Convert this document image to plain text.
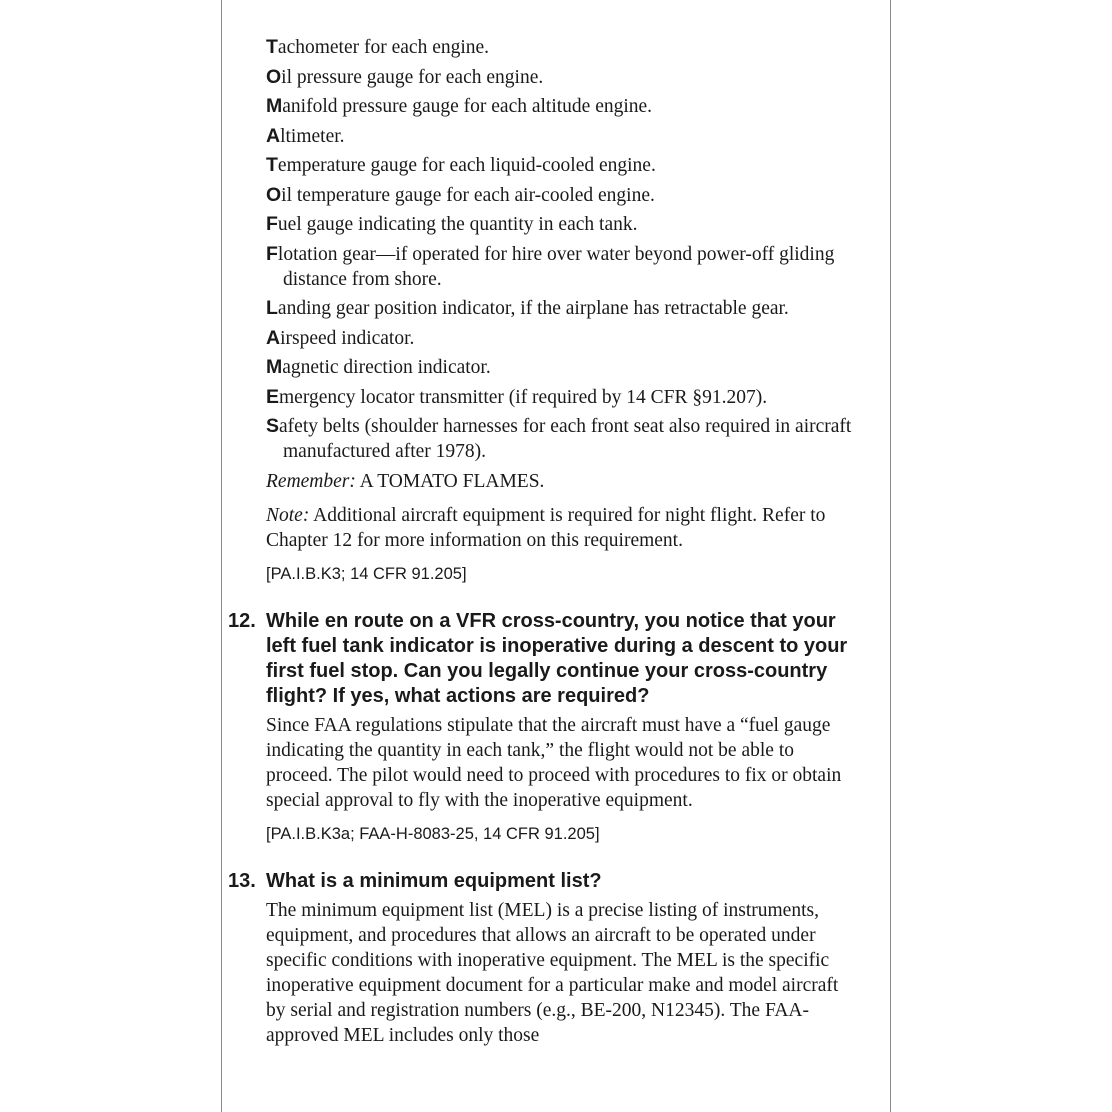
Tachometer for each engine.
Oil pressure gauge for each engine.
Manifold pressure gauge for each altitude engine.
Altimeter.
Temperature gauge for each liquid-cooled engine.
Oil temperature gauge for each air-cooled engine.
Fuel gauge indicating the quantity in each tank.
Flotation gear—if operated for hire over water beyond power-off gliding distance from shore.
Landing gear position indicator, if the airplane has retractable gear.
Airspeed indicator.
Magnetic direction indicator.
Emergency locator transmitter (if required by 14 CFR §91.207).
Safety belts (shoulder harnesses for each front seat also required in aircraft manufactured after 1978).

Remember: A TOMATO FLAMES.

Note: Additional aircraft equipment is required for night flight. Refer to Chapter 12 for more information on this requirement.

[PA.I.B.K3; 14 CFR 91.205]

12. While en route on a VFR cross-country, you notice that your left fuel tank indicator is inoperative during a descent to your first fuel stop. Can you legally continue your cross-country flight? If yes, what actions are required?

Since FAA regulations stipulate that the aircraft must have a “fuel gauge indicating the quantity in each tank,” the flight would not be able to proceed. The pilot would need to proceed with procedures to fix or obtain special approval to fly with the inoperative equipment.

[PA.I.B.K3a; FAA-H-8083-25, 14 CFR 91.205]

13. What is a minimum equipment list?

The minimum equipment list (MEL) is a precise listing of instruments, equipment, and procedures that allows an aircraft to be operated under specific conditions with inoperative equipment. The MEL is the specific inoperative equipment document for a particular make and model aircraft by serial and registration numbers (e.g., BE-200, N12345). The FAA-approved MEL includes only those
